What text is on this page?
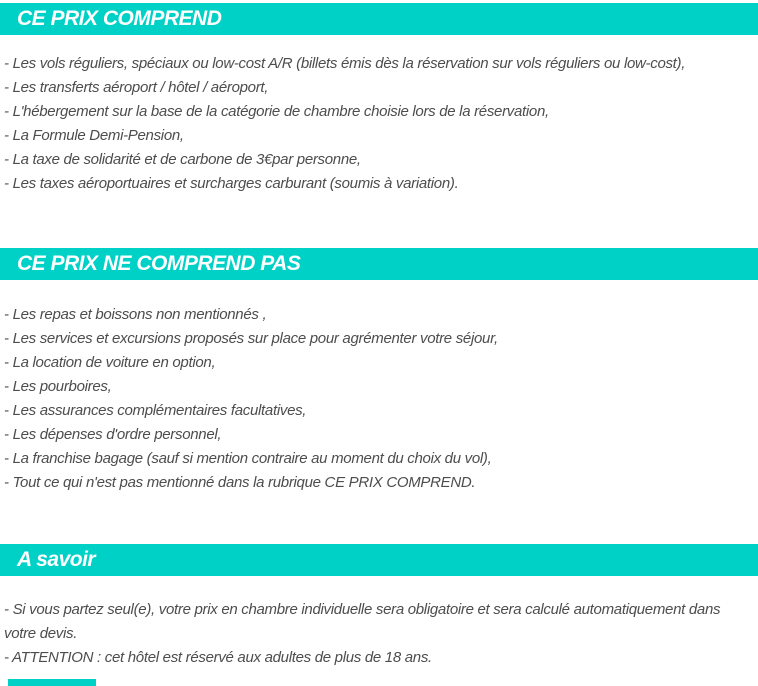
CE PRIX COMPREND

- Les vols réguliers, spéciaux ou low-cost A/R (billets émis dès la réservation sur vols réguliers ou low-cost),

- Les transferts aéroport / hôtel / aéroport,

- L'hébergement sur la base de la catégorie de chambre choisie lors de la réservation,

- La Formule Demi-Pension,

- La taxe de solidarité et de carbone de 3€par personne,

- Les taxes aéroportuaires et surcharges carburant (soumis à variation).

CE PRIX NE COMPREND PAS

- Les repas et boissons non mentionnés ,

- Les services et excursions proposés sur place pour agrémenter votre séjour,

- La location de voiture en option,

- Les pourboires,

- Les assurances complémentaires facultatives,

- Les dépenses d'ordre personnel,

- La franchise bagage (sauf si mention contraire au moment du choix du vol),

- Tout ce qui n'est pas mentionné dans la rubrique CE PRIX COMPREND.

A savoir

- Si vous partez seul(e), votre prix en chambre individuelle sera obligatoire et sera calculé automatiquement dans votre devis.

- ATTENTION : cet hôtel est réservé aux adultes de plus de 18 ans.
